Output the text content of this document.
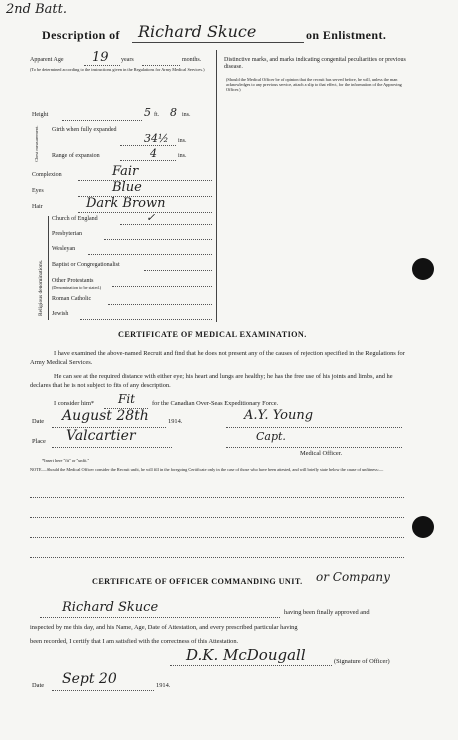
2nd Batt.
Description of Richard Skuce	on Enlistment.
Apparent Age 19 years	months.
(To be determined according to the instructions given in the Regulations for Army Medical Services.)
Height	5 ft. 8 ins.
Chest measurement. Girth when fully expanded
34½ ins.
Range of expansion	4	ins.
Complexion	Fair
Eyes	Blue
Hair	Dark Brown
Religious denominations.
Church of England	✓
Presbyterian
Wesleyan
Baptist or Congregationalist
Other Protestants
(Denomination to be stated.)
Roman Catholic
Jewish
Distinctive marks, and marks indicating congenital peculiarities or previous disease.
(Should the Medical Officer be of opinion that the recruit has served before, he will, unless the man acknowledges to any previous service, attach a slip to that effect, for the information of the Approving Officer.)
CERTIFICATE OF MEDICAL EXAMINATION.
I have examined the above-named Recruit and find that he does not present any of the causes of rejection specified in the Regulations for Army Medical Services.
He can see at the required distance with either eye; his heart and lungs are healthy; he has the free use of his joints and limbs, and he declares that he is not subject to fits of any description.
I consider him* Fit	for the Canadian Over-Seas Expeditionary Force.
Date August 28th	1914.	A.Y. Young
Place Valcartier	Capt.
Medical Officer.
*Insert here "fit" or "unfit."
NOTE.—Should the Medical Officer consider the Recruit unfit, he will fill in the foregoing Certificate only in the case of those who have been attested, and will briefly state below the cause of unfitness:—
CERTIFICATE OF OFFICER COMMANDING UNIT. or Company
Richard Skuce	having been finally approved and
inspected by me this day, and his Name, Age, Date of Attestation, and every prescribed particular having
been recorded, I certify that I am satisfied with the correctness of this Attestation.
D.K. McDougall	(Signature of Officer)
Date Sept 20	1914.
